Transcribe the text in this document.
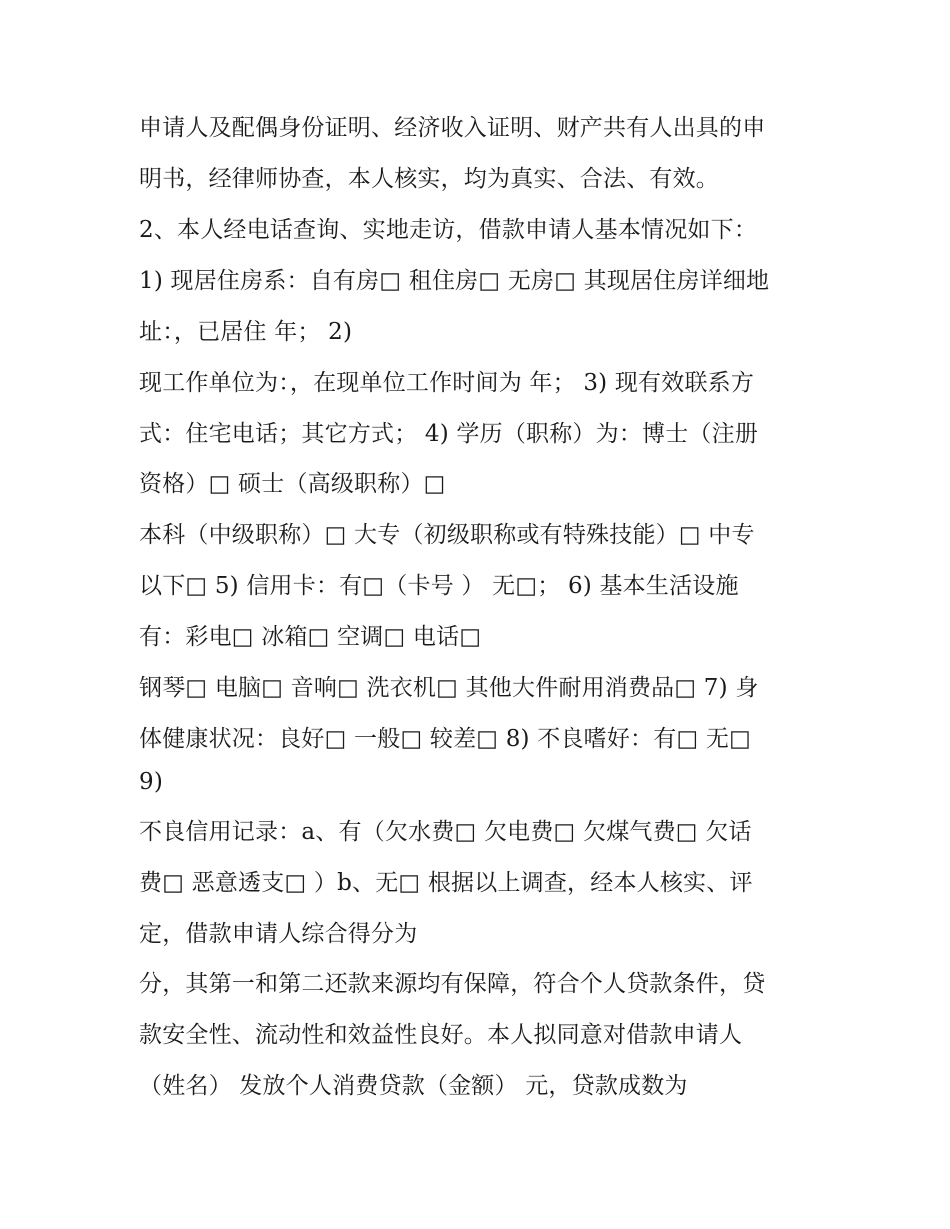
申请人及配偶身份证明、经济收入证明、财产共有人出具的申
明书，经律师协查，本人核实，均为真实、合法、有效。
2、本人经电话查询、实地走访，借款申请人基本情况如下：
1) 现居住房系：自有房□ 租住房□ 无房□ 其现居住房详细地
址：，已居住 年； 2)
现工作单位为：，在现单位工作时间为 年； 3) 现有效联系方
式：住宅电话；其它方式； 4) 学历（职称）为：博士（注册
资格）□ 硕士（高级职称）□
本科（中级职称）□ 大专（初级职称或有特殊技能）□ 中专
以下□ 5) 信用卡：有□（卡号 ） 无□； 6) 基本生活设施
有：彩电□ 冰箱□ 空调□ 电话□
钢琴□ 电脑□ 音响□ 洗衣机□ 其他大件耐用消费品□ 7) 身
体健康状况：良好□ 一般□ 较差□ 8) 不良嗜好：有□ 无□
9)
不良信用记录：a、有（欠水费□ 欠电费□ 欠煤气费□ 欠话
费□ 恶意透支□ ）b、无□ 根据以上调查，经本人核实、评
定，借款申请人综合得分为
分，其第一和第二还款来源均有保障，符合个人贷款条件，贷
款安全性、流动性和效益性良好。本人拟同意对借款申请人
（姓名） 发放个人消费贷款（金额） 元，贷款成数为
